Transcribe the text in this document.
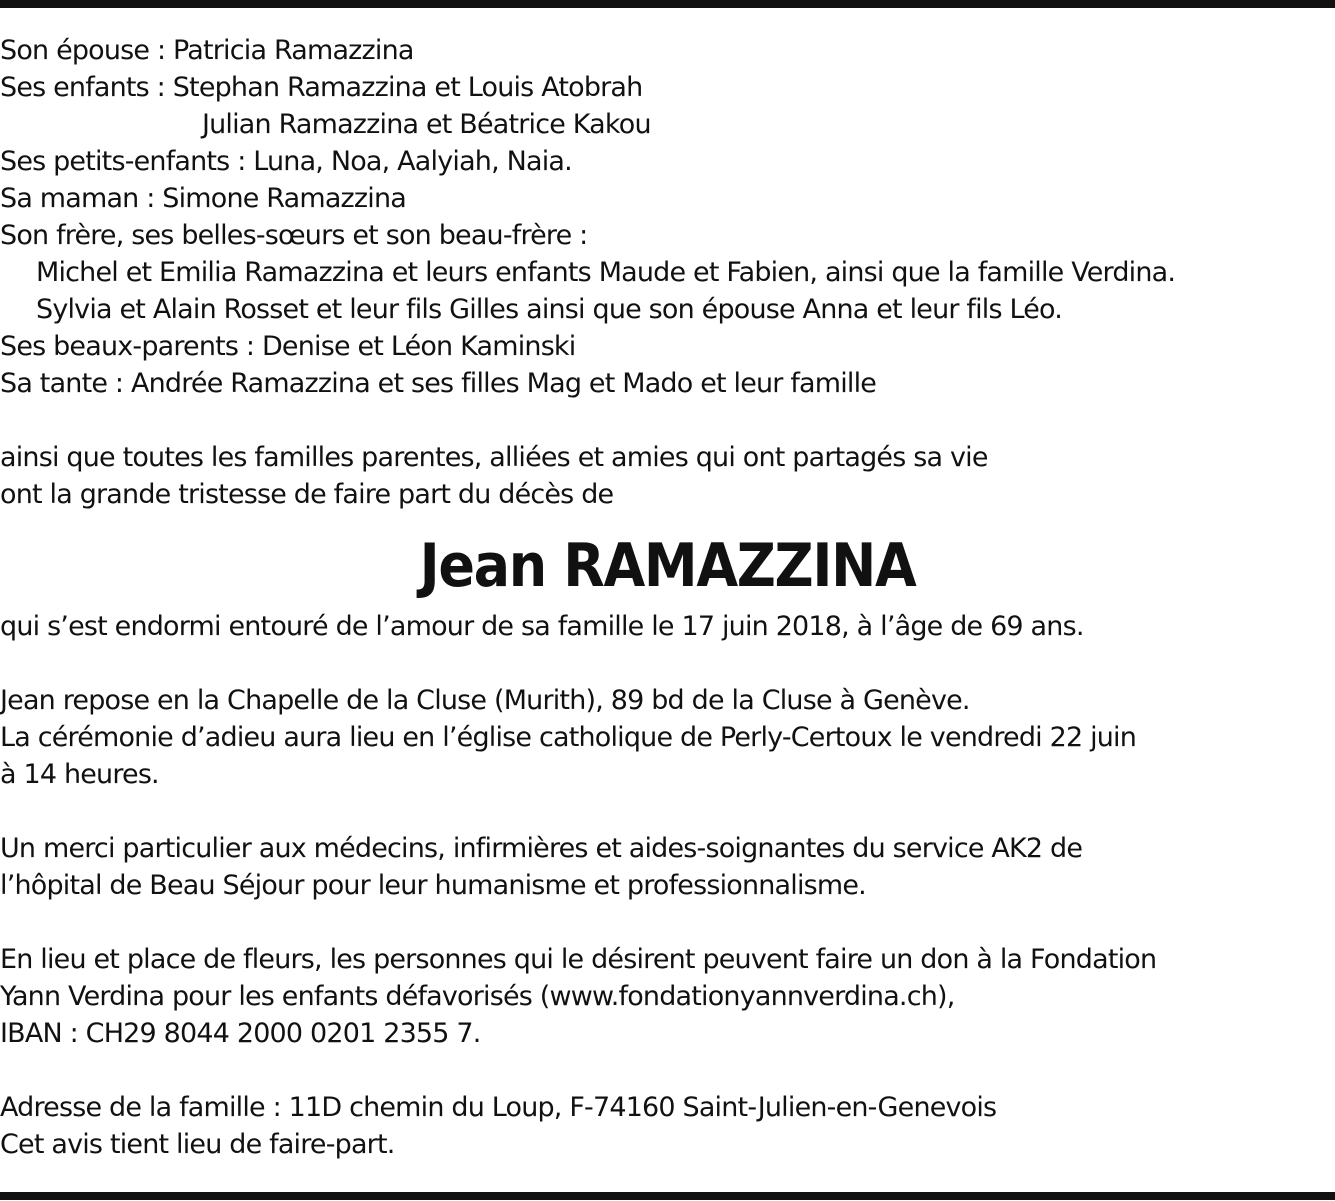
Son épouse : Patricia Ramazzina
Ses enfants : Stephan Ramazzina et Louis Atobrah
Julian Ramazzina et Béatrice Kakou
Ses petits-enfants : Luna, Noa, Aalyiah, Naia.
Sa maman : Simone Ramazzina
Son frère, ses belles-sœurs et son beau-frère :
Michel et Emilia Ramazzina et leurs enfants Maude et Fabien, ainsi que la famille Verdina.
Sylvia et Alain Rosset et leur fils Gilles ainsi que son épouse Anna et leur fils Léo.
Ses beaux-parents : Denise et Léon Kaminski
Sa tante : Andrée Ramazzina et ses filles Mag et Mado et leur famille
ainsi que toutes les familles parentes, alliées et amies qui ont partagés sa vie
ont la grande tristesse de faire part du décès de
Jean RAMAZZINA
qui s’est endormi entouré de l’amour de sa famille le 17 juin 2018, à l’âge de 69 ans.
Jean repose en la Chapelle de la Cluse (Murith), 89 bd de la Cluse à Genève.
La cérémonie d’adieu aura lieu en l’église catholique de Perly-Certoux le vendredi 22 juin
à 14 heures.
Un merci particulier aux médecins, infirmières et aides-soignantes du service AK2 de
l’hôpital de Beau Séjour pour leur humanisme et professionnalisme.
En lieu et place de fleurs, les personnes qui le désirent peuvent faire un don à la Fondation
Yann Verdina pour les enfants défavorisés (www.fondationyannverdina.ch),
IBAN : CH29 8044 2000 0201 2355 7.
Adresse de la famille : 11D chemin du Loup, F-74160 Saint-Julien-en-Genevois
Cet avis tient lieu de faire-part.
